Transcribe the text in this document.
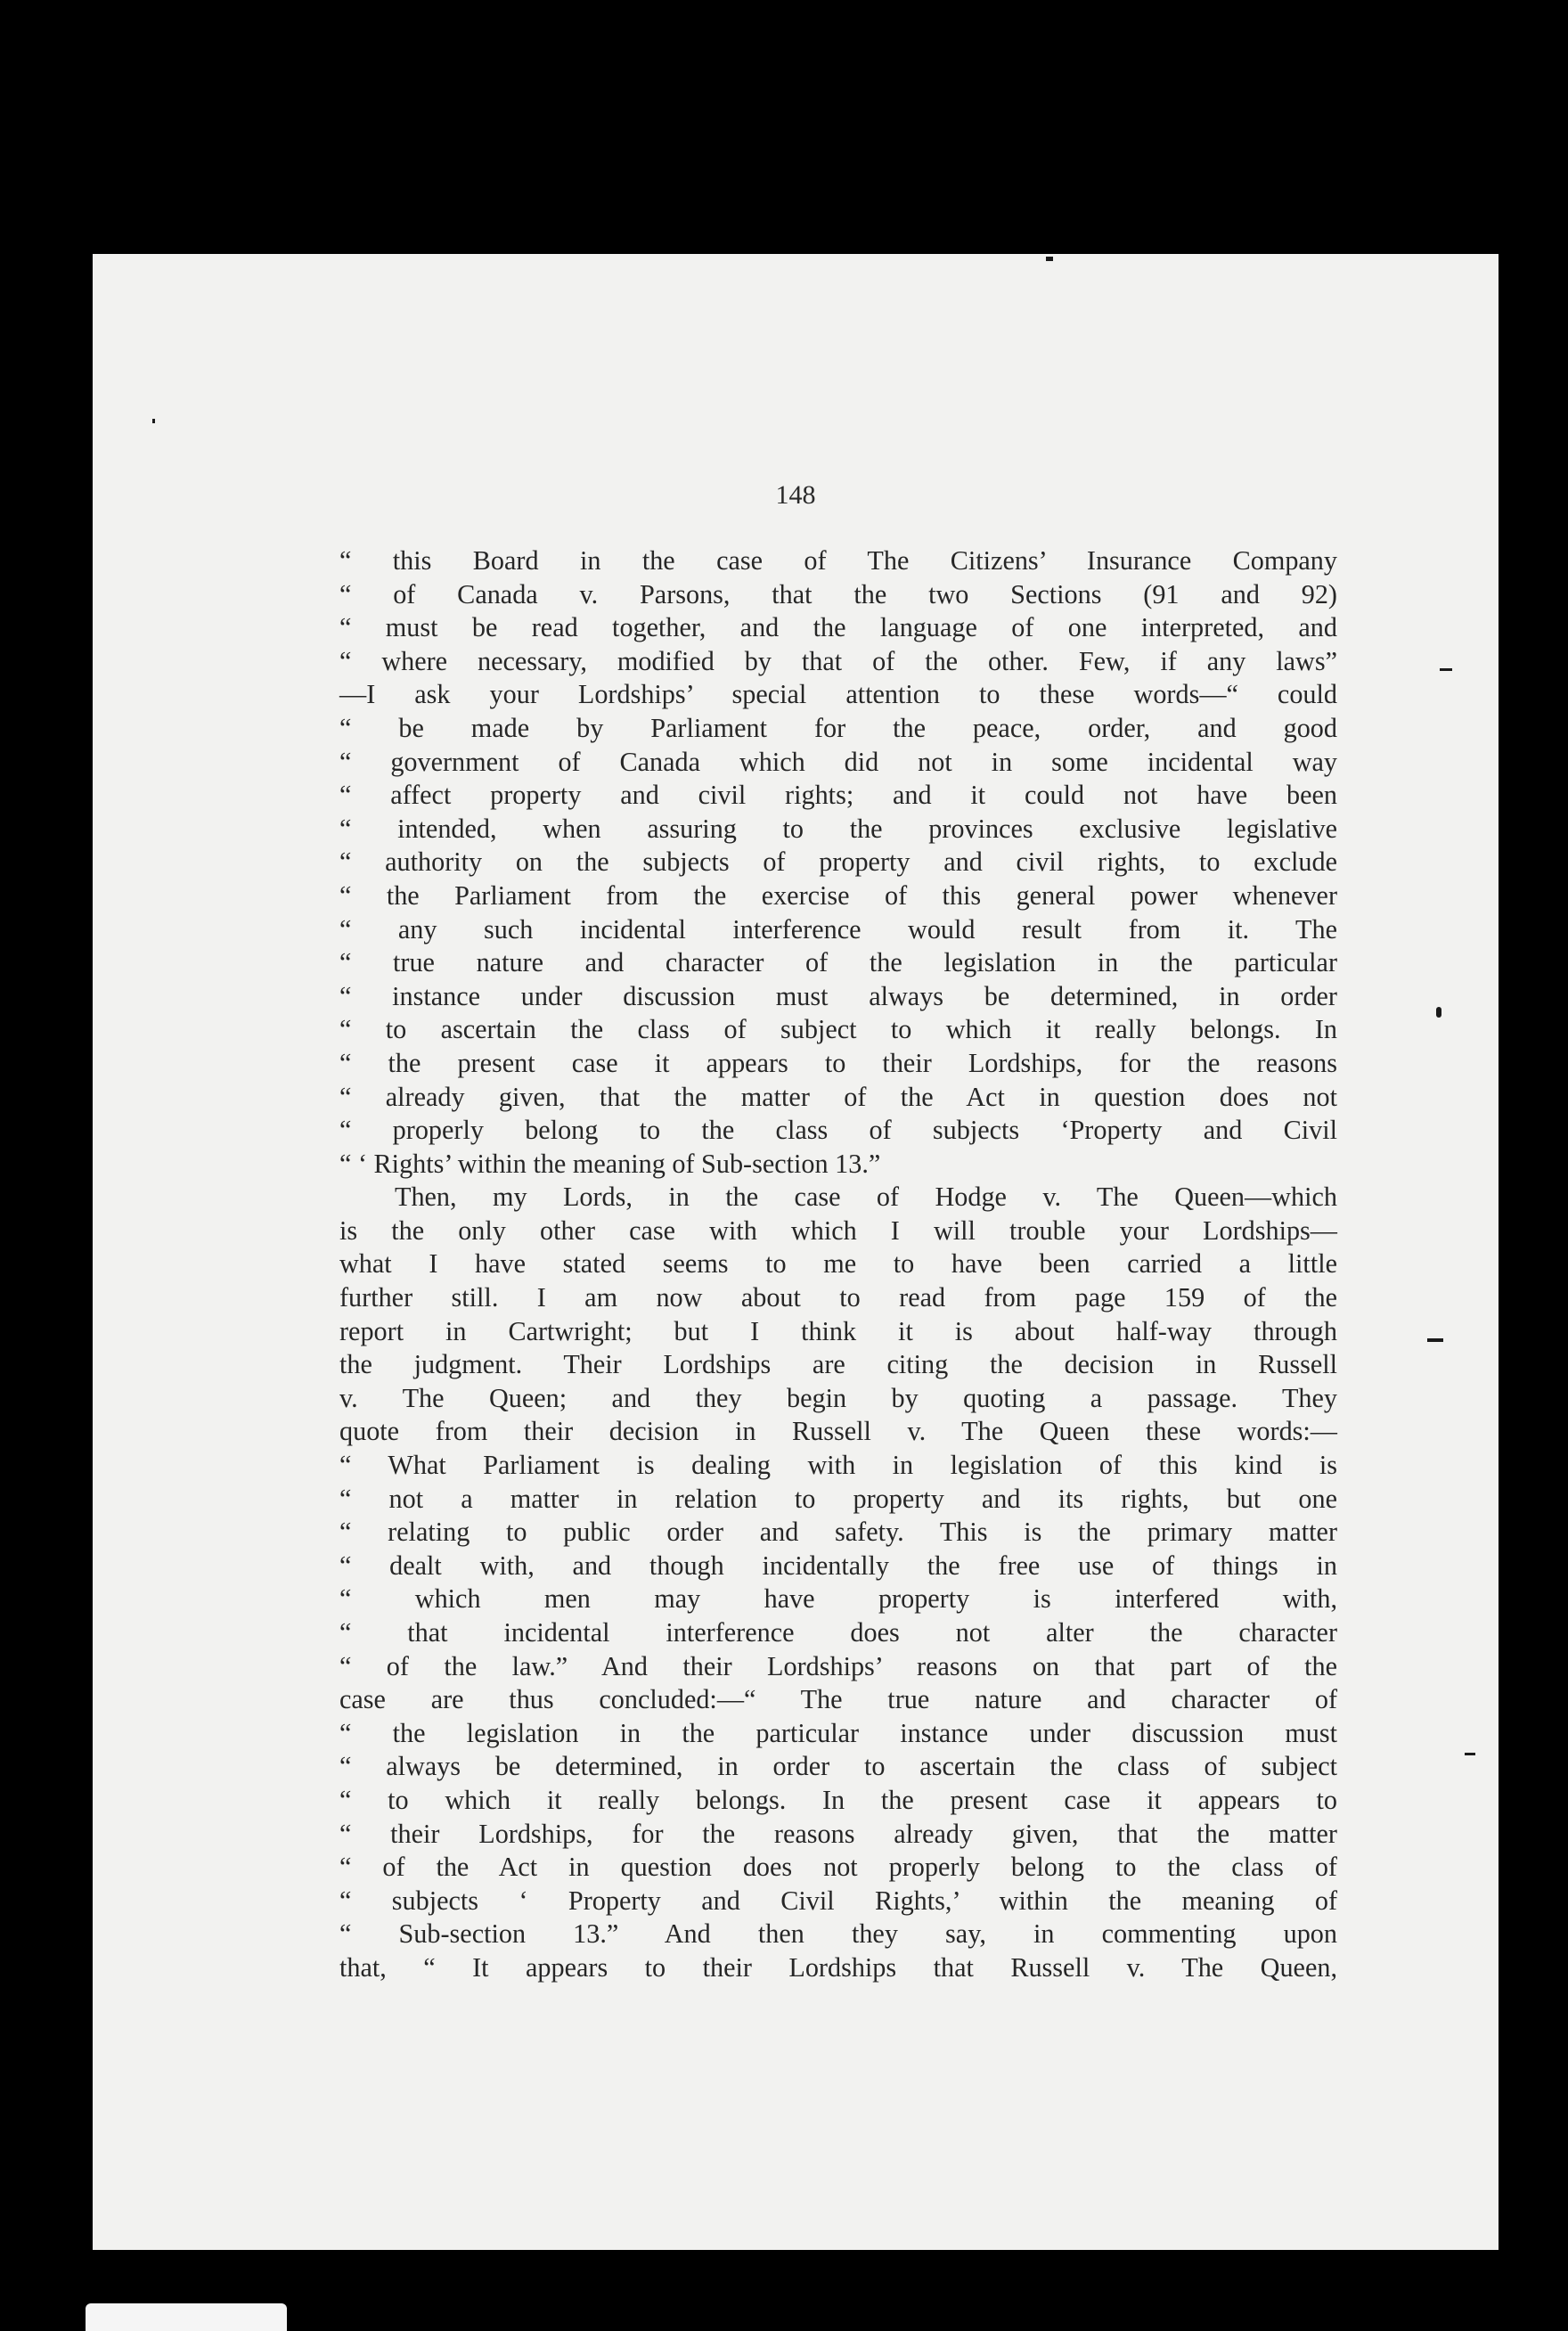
148
“ this Board in the case of The Citizens’ Insurance Company
“ of Canada v. Parsons, that the two Sections (91 and 92)
“ must be read together, and the language of one interpreted, and
“ where necessary, modified by that of the other. Few, if any laws”
—I ask your Lordships’ special attention to these words—“ could
“ be made by Parliament for the peace, order, and good
“ government of Canada which did not in some incidental way
“ affect property and civil rights; and it could not have been
“ intended, when assuring to the provinces exclusive legislative
“ authority on the subjects of property and civil rights, to exclude
“ the Parliament from the exercise of this general power whenever
“ any such incidental interference would result from it. The
“ true nature and character of the legislation in the particular
“ instance under discussion must always be determined, in order
“ to ascertain the class of subject to which it really belongs. In
“ the present case it appears to their Lordships, for the reasons
“ already given, that the matter of the Act in question does not
“ properly belong to the class of subjects ‘Property and Civil
“ ‘ Rights’ within the meaning of Sub-section 13.”
Then, my Lords, in the case of Hodge v. The Queen—which
is the only other case with which I will trouble your Lordships—
what I have stated seems to me to have been carried a little
further still. I am now about to read from page 159 of the
report in Cartwright; but I think it is about half-way through
the judgment. Their Lordships are citing the decision in Russell
v. The Queen; and they begin by quoting a passage. They
quote from their decision in Russell v. The Queen these words:—
“ What Parliament is dealing with in legislation of this kind is
“ not a matter in relation to property and its rights, but one
“ relating to public order and safety. This is the primary matter
“ dealt with, and though incidentally the free use of things in
“ which men may have property is interfered with,
“ that incidental interference does not alter the character
“ of the law.” And their Lordships’ reasons on that part of the
case are thus concluded:—“ The true nature and character of
“ the legislation in the particular instance under discussion must
“ always be determined, in order to ascertain the class of subject
“ to which it really belongs. In the present case it appears to
“ their Lordships, for the reasons already given, that the matter
“ of the Act in question does not properly belong to the class of
“ subjects ‘ Property and Civil Rights,’ within the meaning of
“ Sub-section 13.” And then they say, in commenting upon
that, “ It appears to their Lordships that Russell v. The Queen,
